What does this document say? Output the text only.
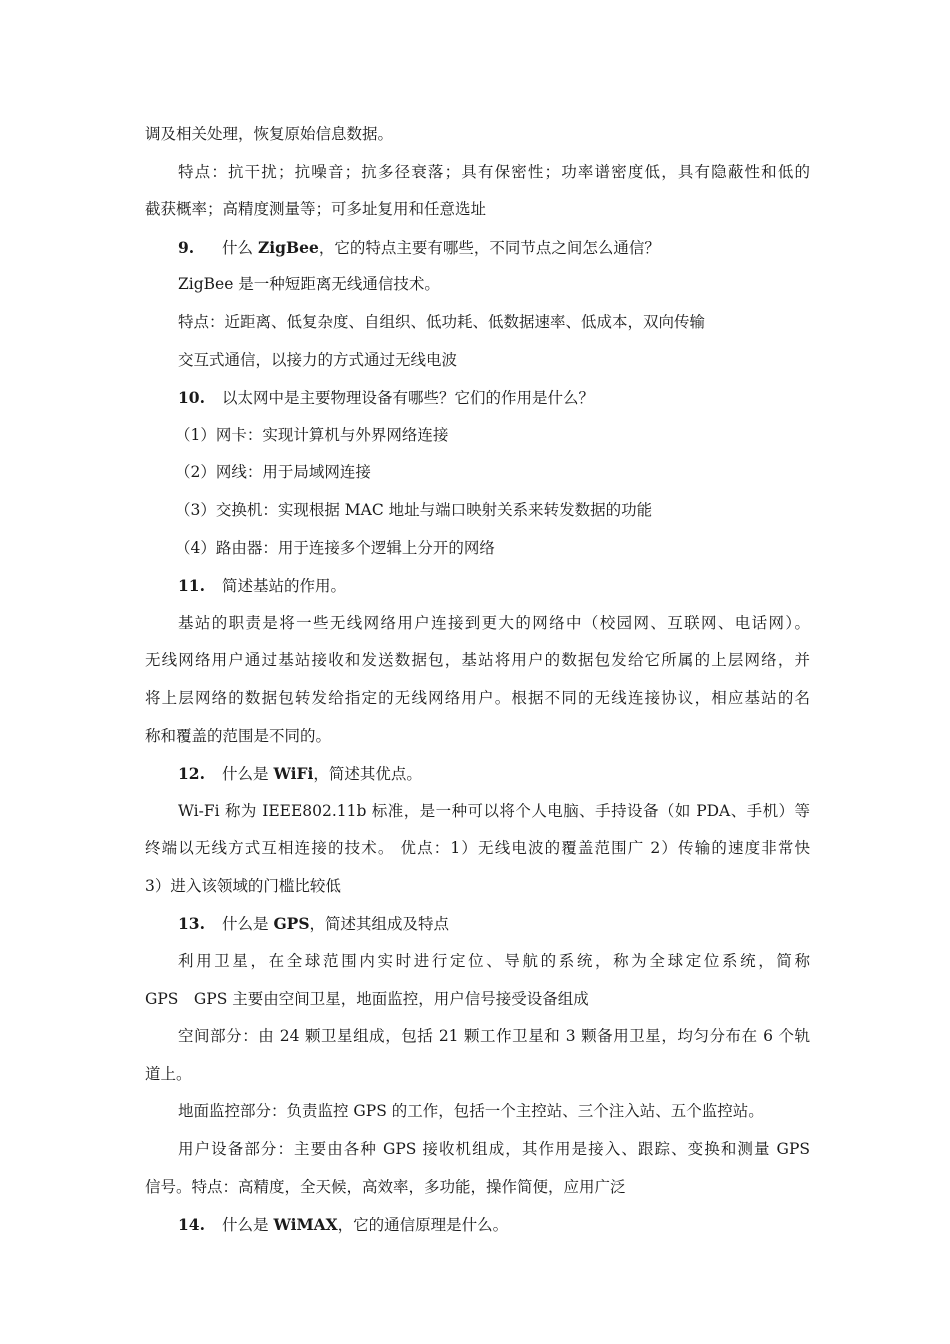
调及相关处理，恢复原始信息数据。
特点：抗干扰；抗噪音；抗多径衰落；具有保密性；功率谱密度低，具有隐蔽性和低的
截获概率；高精度测量等；可多址复用和任意选址
9. 什么 ZigBee，它的特点主要有哪些，不同节点之间怎么通信？
ZigBee 是一种短距离无线通信技术。
特点：近距离、低复杂度、自组织、低功耗、低数据速率、低成本，双向传输
交互式通信，以接力的方式通过无线电波
10. 以太网中是主要物理设备有哪些？它们的作用是什么？
（1）网卡：实现计算机与外界网络连接
（2）网线：用于局域网连接
（3）交换机：实现根据 MAC 地址与端口映射关系来转发数据的功能
（4）路由器：用于连接多个逻辑上分开的网络
11. 简述基站的作用。
基站的职责是将一些无线网络用户连接到更大的网络中（校园网、互联网、电话网）。
无线网络用户通过基站接收和发送数据包，基站将用户的数据包发给它所属的上层网络，并
将上层网络的数据包转发给指定的无线网络用户。根据不同的无线连接协议，相应基站的名
称和覆盖的范围是不同的。
12. 什么是 WiFi，简述其优点。
Wi-Fi 称为 IEEE802.11b 标准，是一种可以将个人电脑、手持设备（如 PDA、手机）等
终端以无线方式互相连接的技术。 优点：1）无线电波的覆盖范围广 2）传输的速度非常快
3）进入该领域的门槛比较低
13. 什么是 GPS，简述其组成及特点
利用卫星，在全球范围内实时进行定位、导航的系统，称为全球定位系统，简称
GPS　GPS 主要由空间卫星，地面监控，用户信号接受设备组成
空间部分：由 24 颗卫星组成，包括 21 颗工作卫星和 3 颗备用卫星，均匀分布在 6 个轨
道上。
地面监控部分：负责监控 GPS 的工作，包括一个主控站、三个注入站、五个监控站。
用户设备部分：主要由各种 GPS 接收机组成，其作用是接入、跟踪、变换和测量 GPS
信号。特点：高精度，全天候，高效率，多功能，操作简便，应用广泛
14. 什么是 WiMAX，它的通信原理是什么。
